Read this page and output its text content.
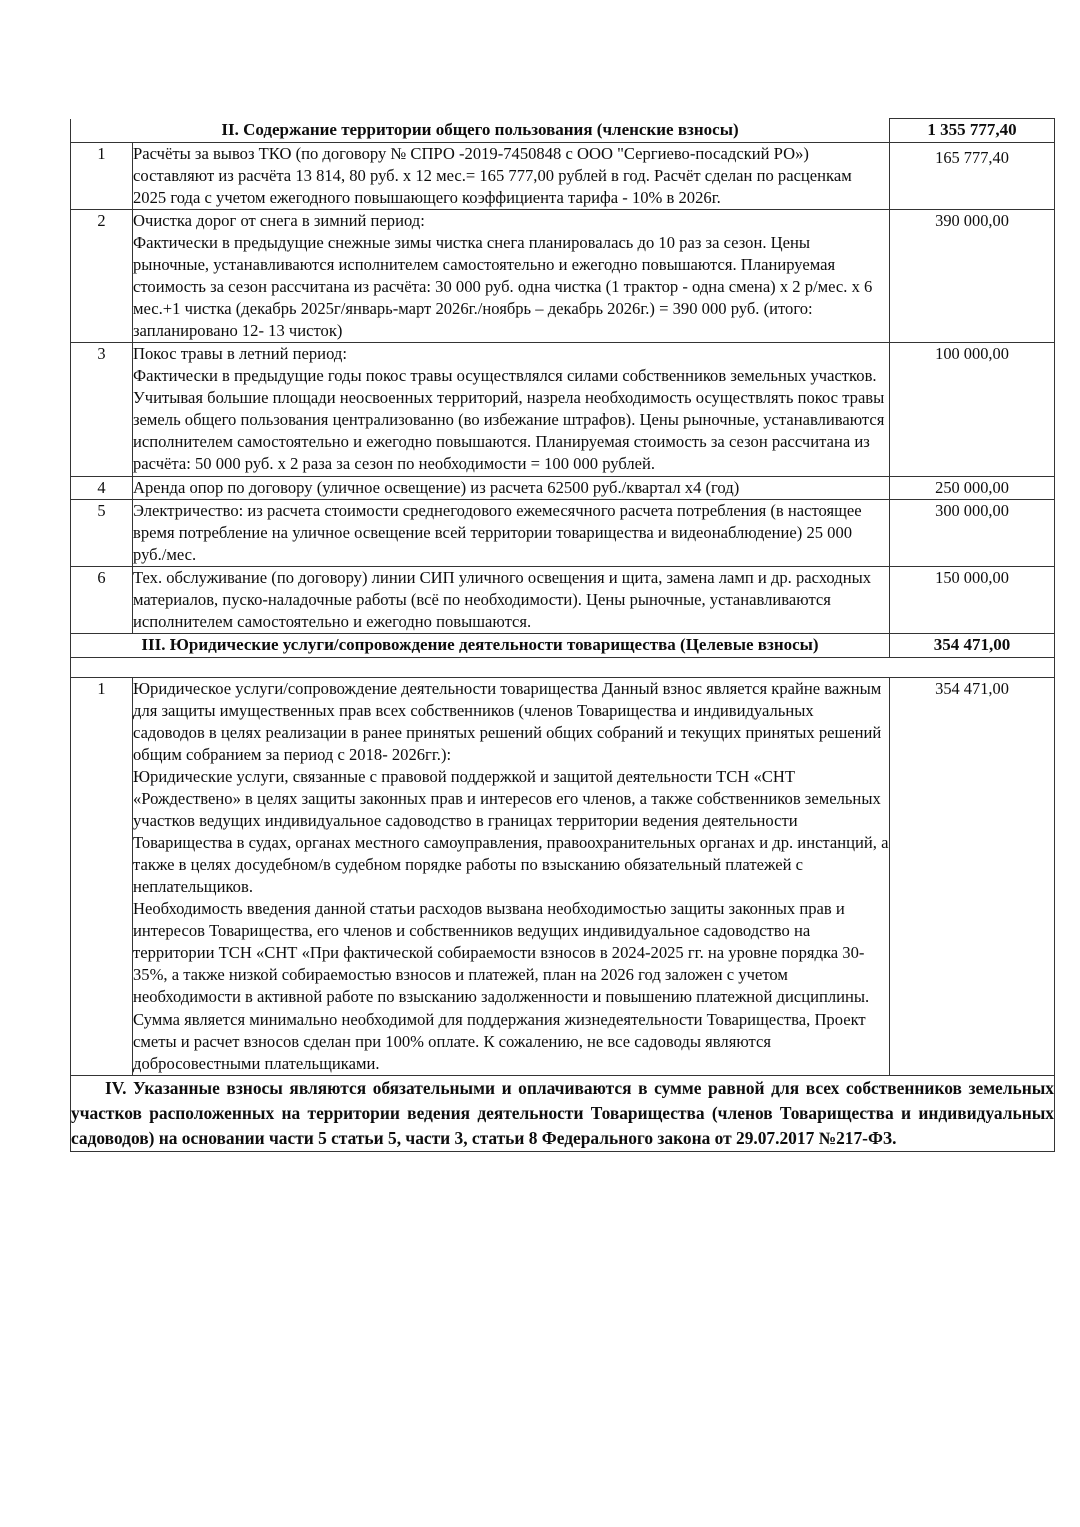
II. Содержание территории общего пользования (членские взносы)		1 355 777,40
1	Расчёты за вывоз ТКО (по договору № СПРО -2019-7450848 с ООО "Сергиево-посадский РО») составляют из расчёта 13 814, 80 руб. х 12 мес.= 165 777,00 рублей в год. Расчёт сделан по расценкам 2025 года с учетом ежегодного повышающего коэффициента тарифа - 10% в 2026г.	165 777,40
2	Очистка дорог от снега в зимний период:

Фактически в предыдущие снежные зимы чистка снега планировалась до 10 раз за сезон. Цены рыночные, устанавливаются исполнителем самостоятельно и ежегодно повышаются. Планируемая стоимость за сезон рассчитана из расчёта: 30 000 руб. одна чистка (1 трактор - одна смена) х 2 р/мес. х 6 мес.+1 чистка (декабрь 2025г/январь-март 2026г./ноябрь – декабрь 2026г.) = 390 000 руб. (итого: запланировано 12- 13 чисток)	390 000,00
3	Покос травы в летний период:

Фактически в предыдущие годы покос травы осуществлялся силами собственников земельных участков. Учитывая большие площади неосвоенных территорий, назрела необходимость осуществлять покос травы земель общего пользования централизованно (во избежание штрафов). Цены рыночные, устанавливаются исполнителем самостоятельно и ежегодно повышаются. Планируемая стоимость за сезон рассчитана из расчёта: 50 000 руб. х 2 раза за сезон по необходимости = 100 000 рублей.	100 000,00
4	Аренда опор по договору (уличное освещение) из расчета 62500 руб./квартал х4 (год)	250 000,00
5	Электричество: из расчета стоимости среднегодового ежемесячного расчета потребления (в настоящее время потребление на уличное освещение всей территории товарищества и видеонаблюдение) 25 000 руб./мес.	300 000,00
6	Тех. обслуживание (по договору) линии СИП уличного освещения и щита, замена ламп и др. расходных материалов, пуско-наладочные работы (всё по необходимости). Цены рыночные, устанавливаются исполнителем самостоятельно и ежегодно повышаются.	150 000,00
III. Юридические услуги/сопровождение деятельности товарищества (Целевые взносы)		354 471,00

1	Юридическое услуги/сопровождение деятельности товарищества Данный взнос является крайне важным для защиты имущественных прав всех собственников (членов Товарищества и индивидуальных садоводов в целях реализации в ранее принятых решений общих собраний и текущих принятых решений общим собранием за период с 2018- 2026гг.):

Юридические услуги, связанные с правовой поддержкой и защитой деятельности ТСН «СНТ «Рождествено» в целях защиты законных прав и интересов его членов, а также собственников земельных участков ведущих индивидуальное садоводство в границах территории ведения деятельности Товарищества в судах, органах местного самоуправления, правоохранительных органах и др. инстанций, а также в целях досудебном/в судебном порядке работы по взысканию обязательный платежей с неплательщиков.

Необходимость введения данной статьи расходов вызвана необходимостью защиты законных прав и интересов Товарищества, его членов и собственников ведущих индивидуальное садоводство на территории ТСН «СНТ «При фактической собираемости взносов в 2024-2025 гг. на уровне порядка 30-35%, а также низкой собираемостью взносов и платежей, план на 2026 год заложен с учетом необходимости в активной работе по взысканию задолженности и повышению платежной дисциплины. Сумма является минимально необходимой для поддержания жизнедеятельности Товарищества, Проект сметы и расчет взносов сделан при 100% оплате. К сожалению, не все садоводы являются добросовестными плательщиками.	354 471,00
IV. Указанные взносы являются обязательными и оплачиваются в сумме равной для всех собственников земельных участков расположенных на территории ведения деятельности Товарищества (членов Товарищества и индивидуальных садоводов) на основании части 5 статьи 5, части 3, статьи 8 Федерального закона от 29.07.2017 №217-ФЗ.		
